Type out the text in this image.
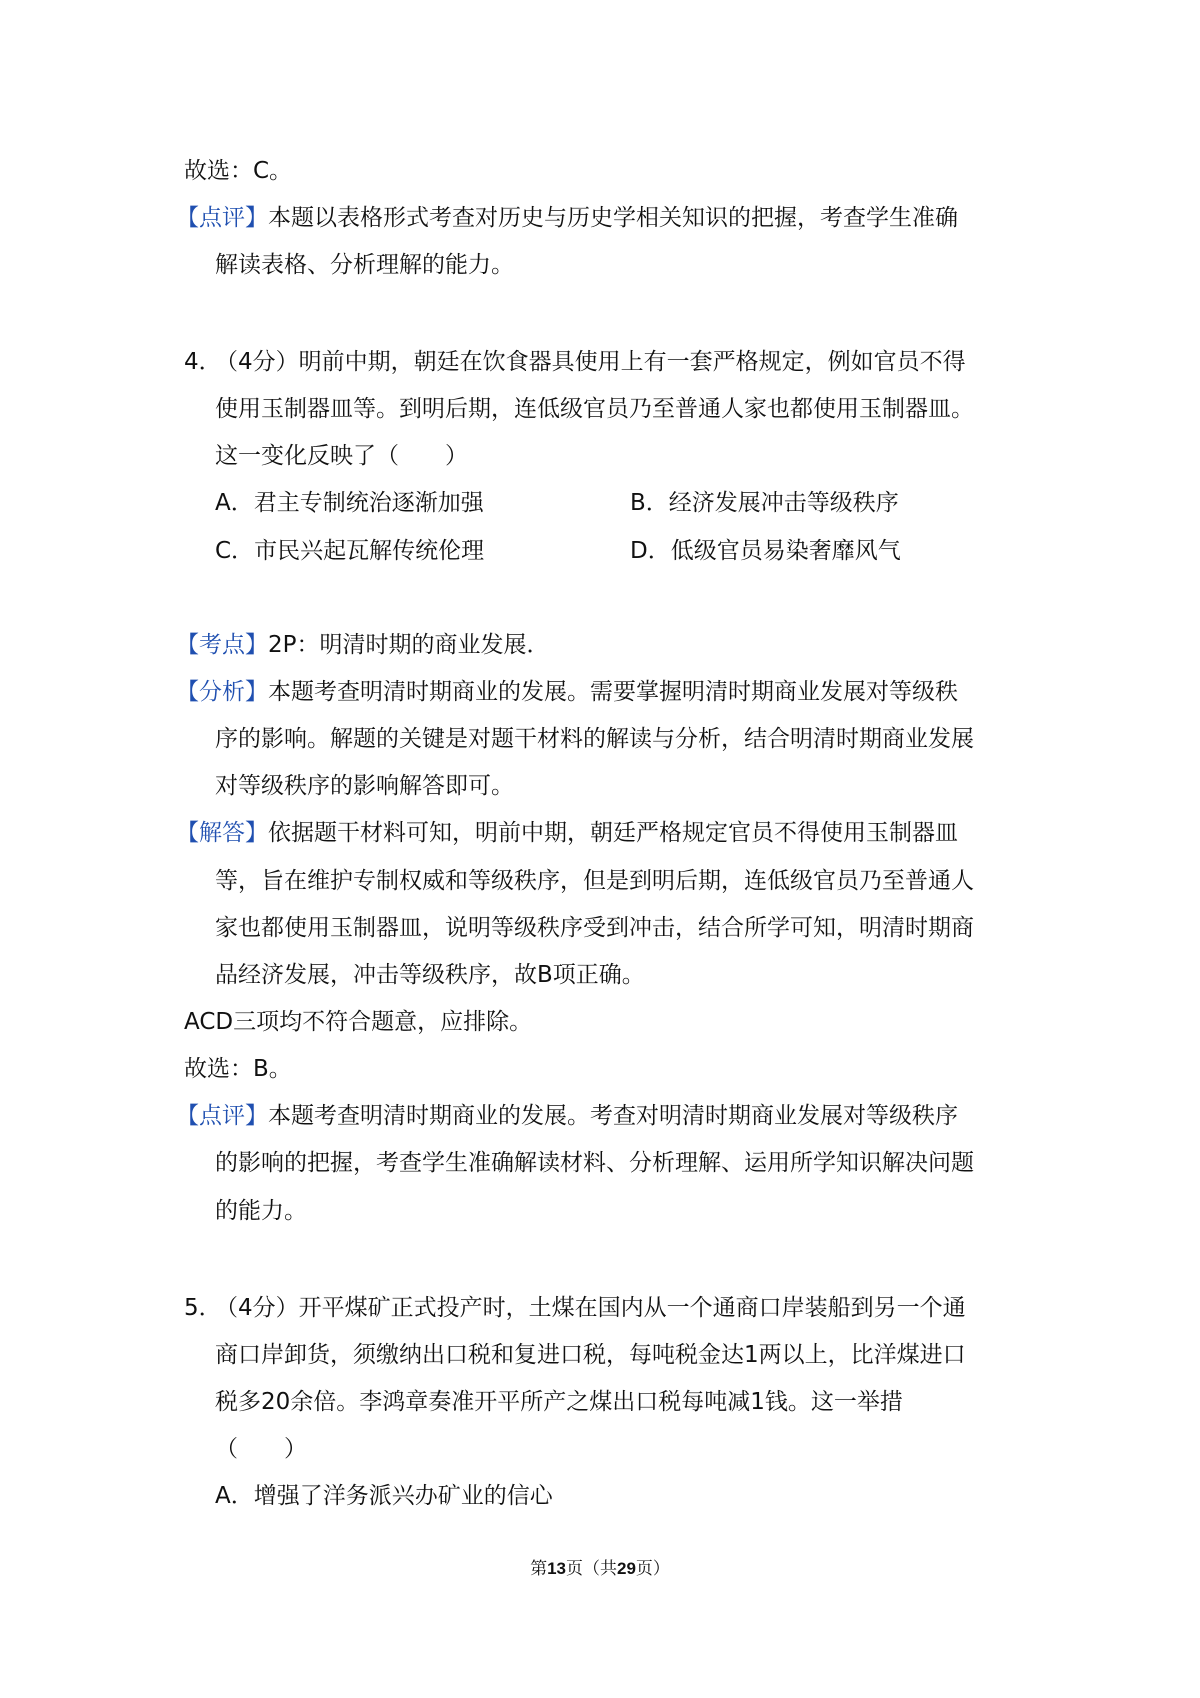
故选：C。
【点评】本题以表格形式考查对历史与历史学相关知识的把握，考查学生准确
解读表格、分析理解的能力。
4．
（4分）明前中期，朝廷在饮食器具使用上有一套严格规定，例如官员不得
使用玉制器皿等。到明后期，连低级官员乃至普通人家也都使用玉制器皿。
这一变化反映了（　　）
A．君主专制统治逐渐加强	B．经济发展冲击等级秩序
C．市民兴起瓦解传统伦理	D．低级官员易染奢靡风气
【考点】2P：明清时期的商业发展．
【分析】本题考查明清时期商业的发展。需要掌握明清时期商业发展对等级秩
序的影响。解题的关键是对题干材料的解读与分析，结合明清时期商业发展
对等级秩序的影响解答即可。
【解答】依据题干材料可知，明前中期，朝廷严格规定官员不得使用玉制器皿
等，旨在维护专制权威和等级秩序，但是到明后期，连低级官员乃至普通人
家也都使用玉制器皿，说明等级秩序受到冲击，结合所学可知，明清时期商
品经济发展，冲击等级秩序，故B项正确。
ACD三项均不符合题意，应排除。
故选：B。
【点评】本题考查明清时期商业的发展。考查对明清时期商业发展对等级秩序
的影响的把握，考查学生准确解读材料、分析理解、运用所学知识解决问题
的能力。
5．
（4分）开平煤矿正式投产时，土煤在国内从一个通商口岸装船到另一个通
商口岸卸货，须缴纳出口税和复进口税，每吨税金达1两以上，比洋煤进口
税多20余倍。李鸿章奏准开平所产之煤出口税每吨减1钱。这一举措
（　　）
A．增强了洋务派兴办矿业的信心
第13页（共29页）
